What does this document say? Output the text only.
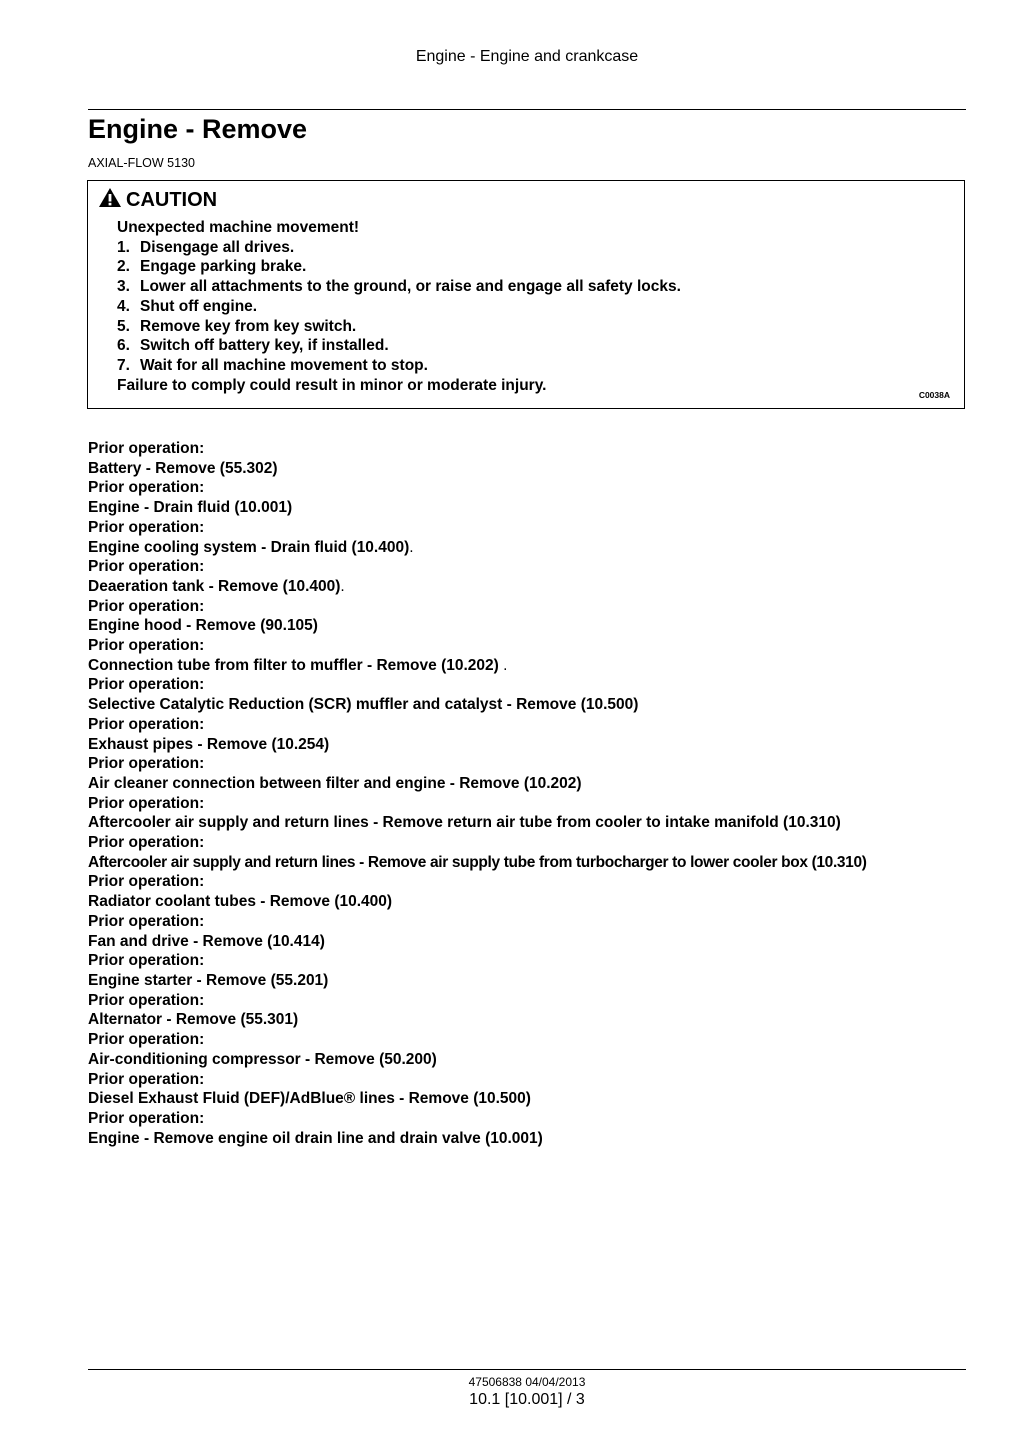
Engine - Engine and crankcase
Engine - Remove
AXIAL-FLOW 5130
CAUTION
Unexpected machine movement!
1. Disengage all drives.
2. Engage parking brake.
3. Lower all attachments to the ground, or raise and engage all safety locks.
4. Shut off engine.
5. Remove key from key switch.
6. Switch off battery key, if installed.
7. Wait for all machine movement to stop.
Failure to comply could result in minor or moderate injury.
C0038A
Prior operation:
Battery - Remove (55.302)
Prior operation:
Engine - Drain fluid (10.001)
Prior operation:
Engine cooling system - Drain fluid (10.400).
Prior operation:
Deaeration tank - Remove (10.400).
Prior operation:
Engine hood - Remove (90.105)
Prior operation:
Connection tube from filter to muffler - Remove (10.202) .
Prior operation:
Selective Catalytic Reduction (SCR) muffler and catalyst - Remove (10.500)
Prior operation:
Exhaust pipes - Remove (10.254)
Prior operation:
Air cleaner connection between filter and engine - Remove (10.202)
Prior operation:
Aftercooler air supply and return lines - Remove return air tube from cooler to intake manifold (10.310)
Prior operation:
Aftercooler air supply and return lines - Remove air supply tube from turbocharger to lower cooler box (10.310)
Prior operation:
Radiator coolant tubes - Remove (10.400)
Prior operation:
Fan and drive - Remove (10.414)
Prior operation:
Engine starter - Remove (55.201)
Prior operation:
Alternator - Remove (55.301)
Prior operation:
Air-conditioning compressor - Remove (50.200)
Prior operation:
Diesel Exhaust Fluid (DEF)/AdBlue® lines - Remove (10.500)
Prior operation:
Engine - Remove engine oil drain line and drain valve (10.001)
47506838 04/04/2013
10.1 [10.001] / 3
